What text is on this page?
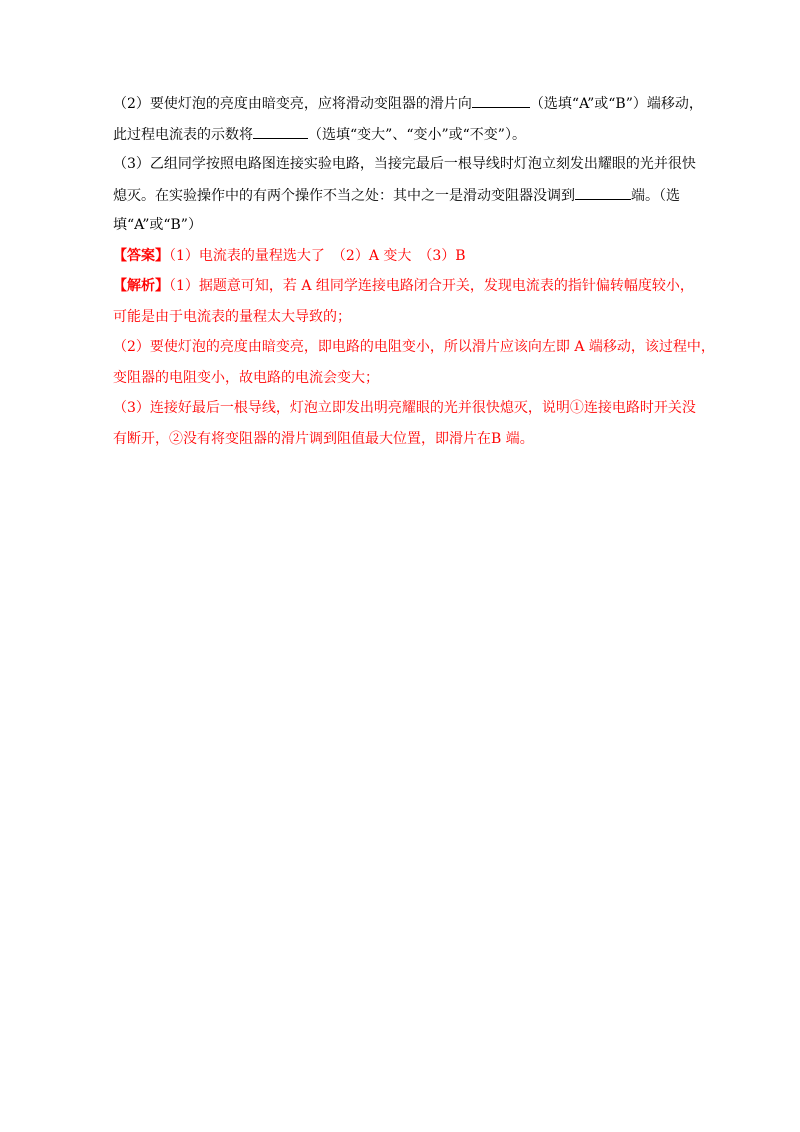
（2）要使灯泡的亮度由暗变亮，应将滑动变阻器的滑片向	（选填“A”或“B”）端移动，
此过程电流表的示数将	（选填“变大”、“变小”或“不变”）。
（3）乙组同学按照电路图连接实验电路，当接完最后一根导线时灯泡立刻发出耀眼的光并很快
熄灭。在实验操作中的有两个操作不当之处：其中之一是滑动变阻器没调到	端。（选
填“A”或“B”）
【答案】（1）电流表的量程选大了　（2）A 变大　（3）B
【解析】（1）据题意可知，若 A 组同学连接电路闭合开关，发现电流表的指针偏转幅度较小，
可能是由于电流表的量程太大导致的；
（2）要使灯泡的亮度由暗变亮，即电路的电阻变小，所以滑片应该向左即 A 端移动，该过程中，
变阻器的电阻变小，故电路的电流会变大；
（3）连接好最后一根导线，灯泡立即发出明亮耀眼的光并很快熄灭，说明①连接电路时开关没
有断开，②没有将变阻器的滑片调到阻值最大位置，即滑片在B 端。
